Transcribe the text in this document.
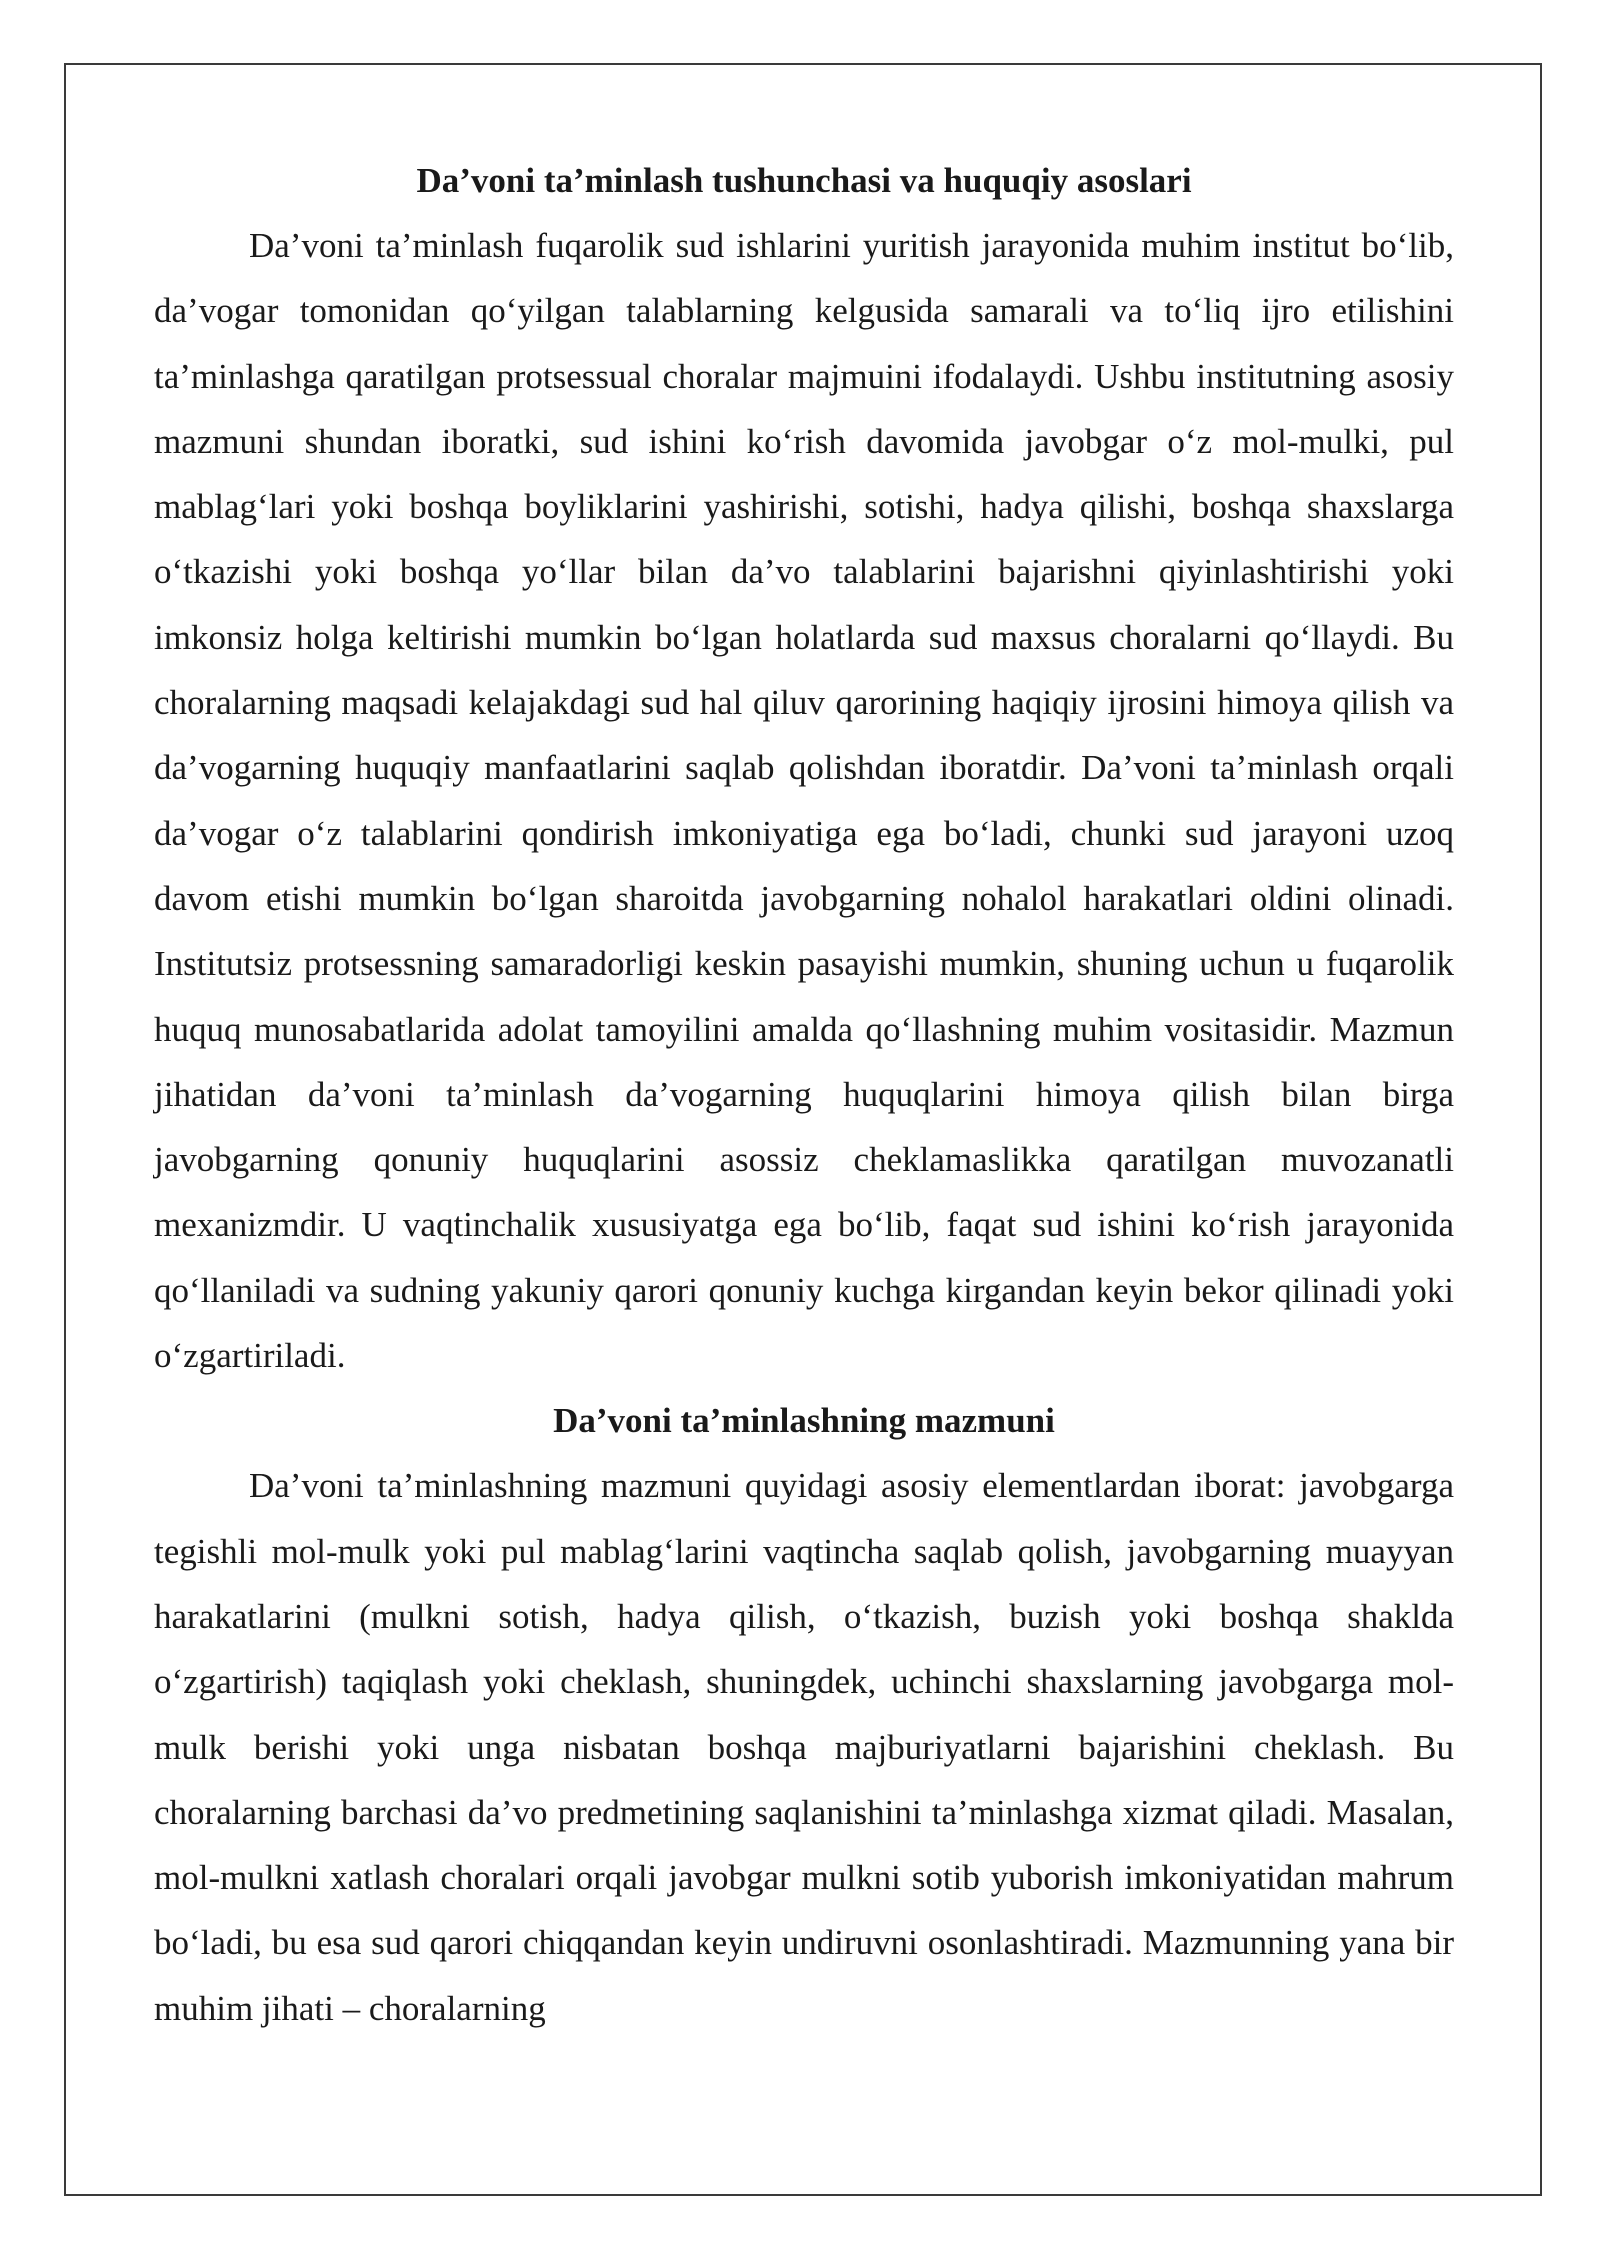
Da’voni ta’minlash tushunchasi va huquqiy asoslari

Da’voni ta’minlash fuqarolik sud ishlarini yuritish jarayonida muhim institut bo‘lib, da’vogar tomonidan qo‘yilgan talablarning kelgusida samarali va to‘liq ijro etilishini ta’minlashga qaratilgan protsessual choralar majmuini ifodalaydi. Ushbu institutning asosiy mazmuni shundan iboratki, sud ishini ko‘rish davomida javobgar o‘z mol-mulki, pul mablag‘lari yoki boshqa boyliklarini yashirishi, sotishi, hadya qilishi, boshqa shaxslarga o‘tkazishi yoki boshqa yo‘llar bilan da’vo talablarini bajarishni qiyinlashtirishi yoki imkonsiz holga keltirishi mumkin bo‘lgan holatlarda sud maxsus choralarni qo‘llaydi. Bu choralarning maqsadi kelajakdagi sud hal qiluv qarorining haqiqiy ijrosini himoya qilish va da’vogarning huquqiy manfaatlarini saqlab qolishdan iboratdir. Da’voni ta’minlash orqali da’vogar o‘z talablarini qondirish imkoniyatiga ega bo‘ladi, chunki sud jarayoni uzoq davom etishi mumkin bo‘lgan sharoitda javobgarning nohalol harakatlari oldini olinadi. Institutsiz protsessning samaradorligi keskin pasayishi mumkin, shuning uchun u fuqarolik huquq munosabatlarida adolat tamoyilini amalda qo‘llashning muhim vositasidir. Mazmun jihatidan da’voni ta’minlash da’vogarning huquqlarini himoya qilish bilan birga javobgarning qonuniy huquqlarini asossiz cheklamaslikka qaratilgan muvozanatli mexanizmdir. U vaqtinchalik xususiyatga ega bo‘lib, faqat sud ishini ko‘rish jarayonida qo‘llaniladi va sudning yakuniy qarori qonuniy kuchga kirgandan keyin bekor qilinadi yoki o‘zgartiriladi.

Da’voni ta’minlashning mazmuni

Da’voni ta’minlashning mazmuni quyidagi asosiy elementlardan iborat: javobgarga tegishli mol-mulk yoki pul mablag‘larini vaqtincha saqlab qolish, javobgarning muayyan harakatlarini (mulkni sotish, hadya qilish, o‘tkazish, buzish yoki boshqa shaklda o‘zgartirish) taqiqlash yoki cheklash, shuningdek, uchinchi shaxslarning javobgarga mol-mulk berishi yoki unga nisbatan boshqa majburiyatlarni bajarishini cheklash. Bu choralarning barchasi da’vo predmetining saqlanishini ta’minlashga xizmat qiladi. Masalan, mol-mulkni xatlash choralari orqali javobgar mulkni sotib yuborish imkoniyatidan mahrum bo‘ladi, bu esa sud qarori chiqqandan keyin undiruvni osonlashtiradi. Mazmunning yana bir muhim jihati – choralarning
